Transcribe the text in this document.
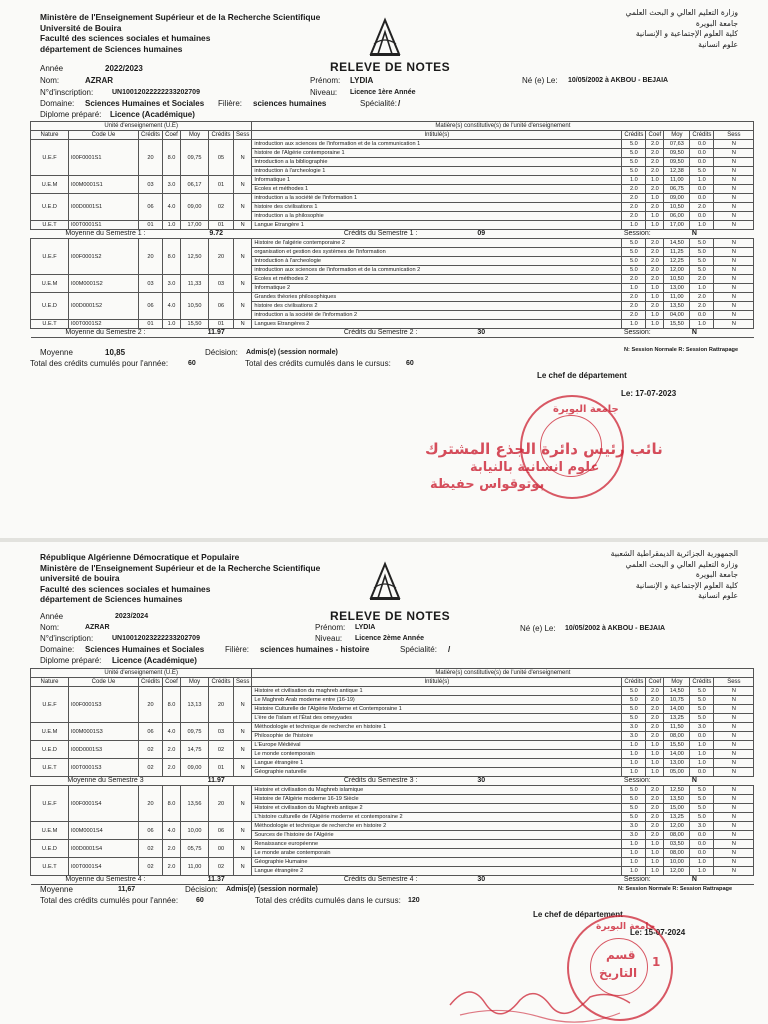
Ministère de l'Enseignement Supérieur et de la Recherche Scientifique
Université de Bouira
Faculté des sciences sociales et humaines
département de Sciences humaines
وزارة التعليم العالي و البحث العلمي
جامعة البويرة
كلية العلوم الإجتماعية و الإنسانية
علوم انسانية
RELEVE DE NOTES
Année	2022/2023
Nom:	AZRAR	Prénom: LYDIA	Né (e) Le: 10/05/2002 à AKBOU - BEJAIA
N°d'inscription:	UN10012022222233202709	Niveau: Licence 1ère Année
Domaine: Sciences Humaines et Sociales Filière: sciences humaines	Spécialité: /
Diplome préparé: Licence (Académique)
Unité d'enseignement (U.E)							Matière(s) constitutive(s) de l'unité d'enseignement					
Nature	Code Ue	Crédits	Coef	Moy	Crédits	Sess	Intitulé(s)	Crédits	Coef	Moy	Crédits	Sess
U.E.F	I00F0001S1	20	8.0	09,75	05	N	introduction aux sciences de l'information et de la communication 1	5.0	2.0	07,63	0.0	N
							histoire de l'Algérie contemporaine 1	5.0	2.0	09,50	0.0	N
							Introduction a la bibliographie	5.0	2.0	09,50	0.0	N
							introduction à l'archeologie 1	5.0	2.0	12,38	5.0	N
U.E.M	I00M0001S1	03	3.0	06,17	01	N	Informatique 1	1.0	1.0	11,00	1.0	N
							Ecoles et méthodes 1	2.0	2.0	06,75	0.0	N
U.E.D	I00D0001S1	06	4.0	09,00	02	N	introduction a la société de l'information 1	2.0	1.0	09,00	0.0	N
							histoire des civilisations 1	2.0	2.0	10,50	2.0	N
							introduction a la philosophie	2.0	1.0	06,00	0.0	N
U.E.T	I00T0001S1	01	1.0	17,00	01	N	Langue Etrangère 1	1.0	1.0	17,00	1.0	N
Moyenne du Semestre 1 :				9.72			Crédits du Semestre 1 : 09	Session:			N	
U.E.F	I00F0001S2	20	8.0	12,50	20	N	Histoire de l'algérie contemporaine 2	5.0	2.0	14,50	5.0	N
							organisation et gestion des systèmes de l'information	5.0	2.0	11,25	5.0	N
							Introduction à l'archeologie	5.0	2.0	12,25	5.0	N
							introduction aux sciences de l'information et de la communication 2	5.0	2.0	12,00	5.0	N
U.E.M	I00M0001S2	03	3.0	11,33	03	N	Ecoles et méthodes 2	2.0	2.0	10,50	2.0	N
							Informatique 2	1.0	1.0	13,00	1.0	N
U.E.D	I00D0001S2	06	4.0	10,50	06	N	Grandes théories philosophiques	2.0	1.0	11,00	2.0	N
							histoire des civilisations 2	2.0	2.0	13,50	2.0	N
							introduction a la société de l'information 2	2.0	1.0	04,00	0.0	N
U.E.T	I00T0001S2	01	1.0	15,50	01	N	Langues Etrangères 2	1.0	1.0	15,50	1.0	N
Moyenne du Semestre 2 :				11.97			Crédits du Semestre 2 : 30	Session:			N	
Moyenne	10,85	Décision: Admis(e) (session normale)	N: Session Normale R: Session Rattrapage
Total des crédits cumulés pour l'année:	60	Total des crédits cumulés dans le cursus: 60
Le chef de département
Le: 17-07-2023
جامعة البويرة
نائب رئيس دائرة الجذع المشترك
علوم انسانية بالنيابة
بوتوقواس حفيظة
République Algérienne Démocratique et Populaire
Ministère de l'Enseignement Supérieur et de la Recherche Scientifique
université de bouira
Faculté des sciences sociales et humaines
département de Sciences humaines
الجمهورية الجزائرية الديمقراطية الشعبية
وزارة التعليم العالي و البحث العلمي
جامعة البويرة
كلية العلوم الإجتماعية و الإنسانية
علوم انسانية
RELEVE DE NOTES
Année	2023/2024
Nom:	AZRAR	Prénom: LYDIA	Né (e) Le: 10/05/2002 à AKBOU - BEJAIA
N°d'inscription:	UN10012023222233202709	Niveau: Licence 2ème Année
Domaine: Sciences Humaines et Sociales	Filière: sciences humaines - histoire	Spécialité: /
Diplome préparé: Licence (Académique)
Unité d'enseignement (U.E)							Matière(s) constitutive(s) de l'unité d'enseignement					
Nature	Code Ue	Crédits	Coef	Moy	Crédits	Sess	Intitulé(s)	Crédits	Coef	Moy	Crédits	Sess
U.E.F	I00F0001S3	20	8.0	13,13	20	N	Histoire et civilisation du maghreb antique 1	5.0	2.0	14,50	5.0	N
							Le Maghreb Arab moderne entre (16-19)	5.0	2.0	10,75	5.0	N
							Histoire Culturelle de l'Algérie Moderne et Contemporaine 1	5.0	2.0	14,00	5.0	N
							L'ère de l'islam et l'État des omeyyades	5.0	2.0	13,25	5.0	N
U.E.M	I00M0001S3	06	4.0	09,75	03	N	Méthodologie et technique de recherche en histoire 1	3.0	2.0	11,50	3.0	N
							Philosophie de l'histoire	3.0	2.0	08,00	0.0	N
U.E.D	I00D0001S3	02	2.0	14,75	02	N	L'Europe Médiéval	1.0	1.0	15,50	1.0	N
							Le monde contemporain	1.0	1.0	14,00	1.0	N
U.E.T	I00T0001S3	02	2.0	09,00	01	N	Langue étrangère 1	1.0	1.0	13,00	1.0	N
							Géographie naturelle	1.0	1.0	05,00	0.0	N
Moyenne du Semestre 3				11.97			Crédits du Semestre 3 : 30	Session:			N	
U.E.F	I00F0001S4	20	8.0	13,56	20	N	Histoire et civilisation du Maghreb islamique	5.0	2.0	12,50	5.0	N
							Histoire de l'Algérie moderne 16-19 Siècle	5.0	2.0	13,50	5.0	N
							Histoire et civilisation du Maghreb antique 2	5.0	2.0	15,00	5.0	N
							L'histoire culturelle de l'Algérie moderne et contemporaine 2	5.0	2.0	13,25	5.0	N
U.E.M	I00M0001S4	06	4.0	10,00	06	N	Méthodologie et technique de recherche en histoire 2	3.0	2.0	12,00	3.0	N
							Sources de l'histoire de l'Algérie	3.0	2.0	08,00	0.0	N
U.E.D	I00D0001S4	02	2.0	05,75	00	N	Renaissance européenne	1.0	1.0	03,50	0.0	N
							Le monde arabe contemporain	1.0	1.0	08,00	0.0	N
U.E.T	I00T0001S4	02	2.0	11,00	02	N	Géographie Humaine	1.0	1.0	10,00	1.0	N
							Langue étrangère 2	1.0	1.0	12,00	1.0	N
Moyenne du Semestre 4 :				11.37			Crédits du Semestre 4 : 30	Session:			N	
Moyenne	11,67	Décision: Admis(e) (session normale)	N: Session Normale R: Session Rattrapage
Total des crédits cumulés pour l'année:	60	Total des crédits cumulés dans le cursus: 120
Le chef de département
Le: 15-07-2024
جامعة البويرة
قسم
التاريخ
1
